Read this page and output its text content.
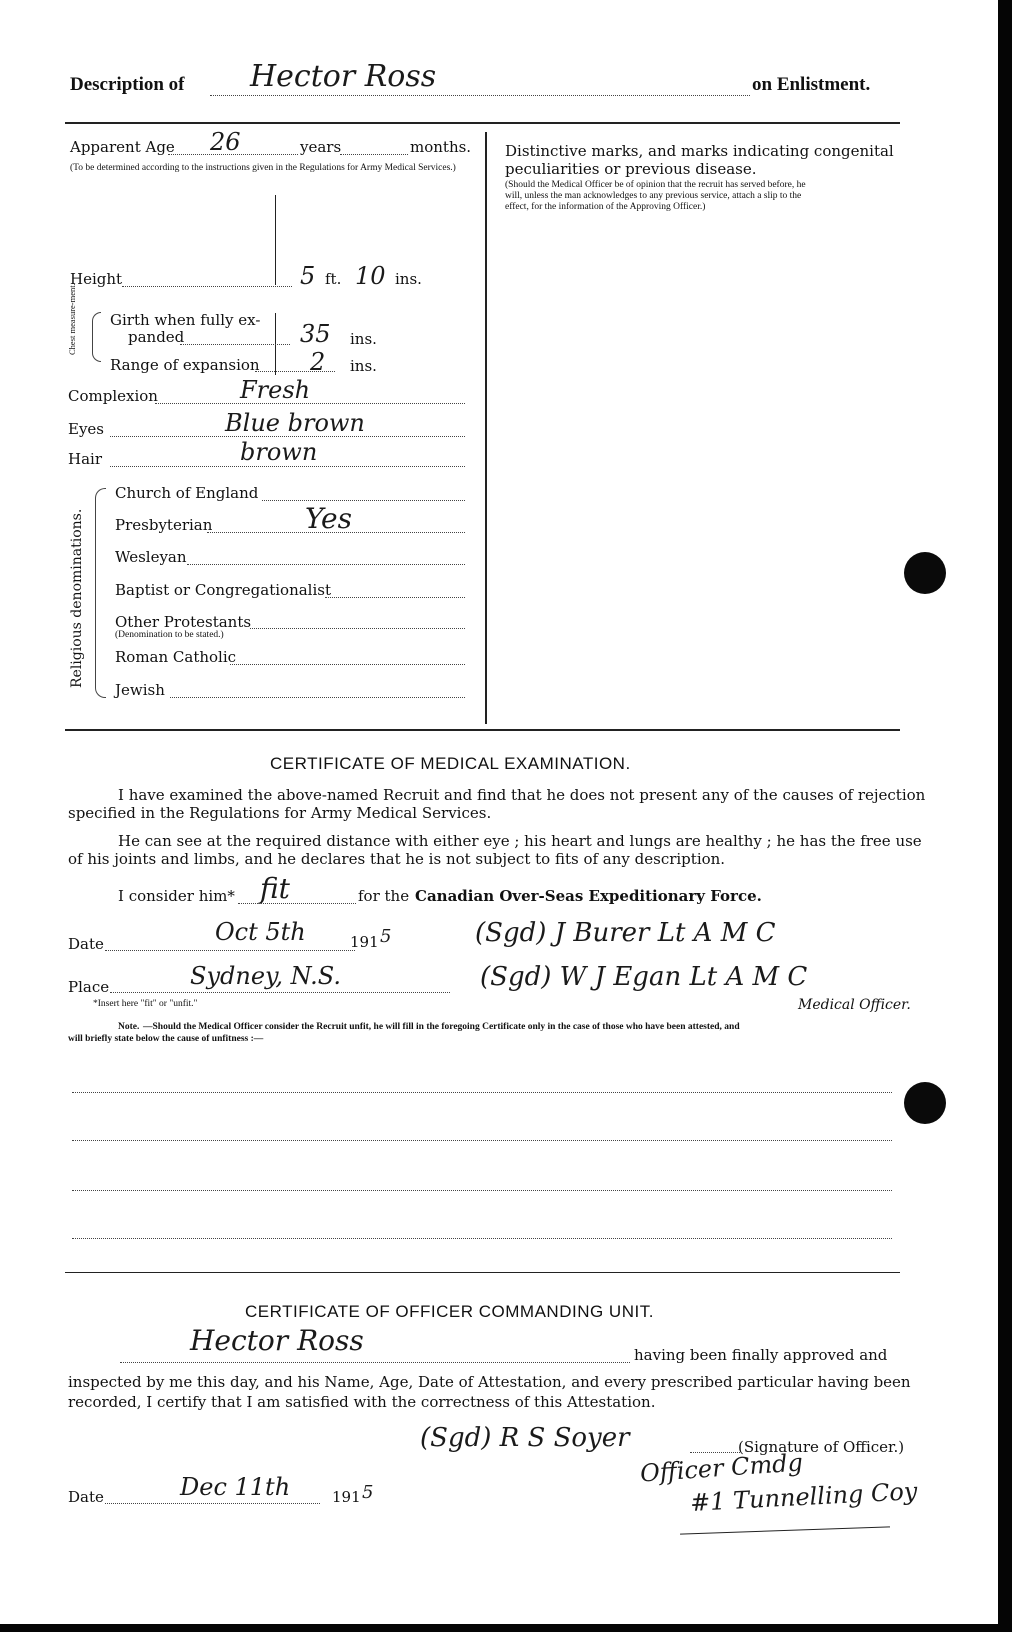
Description of Hector Ross	on Enlistment.
Apparent Age 26	years	months.
(To be determined according to the instructions given in the Regulations for Army Medical Services.)
Height	5 ft. 10 ins.
Chest measure-ment. Girth when fully ex-
panded	35 ins.
Range of expansion 2 ins.
Complexion	Fresh
Eyes	Blue brown
Hair	brown
Religious denominations.
Church of England
Presbyterian	Yes
Wesleyan
Baptist or Congregationalist
Other Protestants
(Denomination to be stated.)
Roman Catholic
Jewish
Distinctive marks, and marks indicating congenital
peculiarities or previous disease.
(Should the Medical Officer be of opinion that the recruit has served before, he
will, unless the man acknowledges to any previous service, attach a slip to the
effect, for the information of the Approving Officer.)
CERTIFICATE OF MEDICAL EXAMINATION.
I have examined the above-named Recruit and find that he does not present any of the causes of rejection
specified in the Regulations for Army Medical Services.
He can see at the required distance with either eye ; his heart and lungs are healthy ; he has the free use
of his joints and limbs, and he declares that he is not subject to fits of any description.
I consider him* fit	for the Canadian Over-Seas Expeditionary Force.
Date	Oct 5th	191 5	(Sgd) J Burer Lt A M C
Place	Sydney, N.S.	(Sgd) W J Egan Lt A M C
*Insert here "fit" or "unfit."	Medical Officer.
Note. —Should the Medical Officer consider the Recruit unfit, he will fill in the foregoing Certificate only in the case of those who have been attested, and
will briefly state below the cause of unfitness :—
CERTIFICATE OF OFFICER COMMANDING UNIT.
Hector Ross	having been finally approved and
inspected by me this day, and his Name, Age, Date of Attestation, and every prescribed particular having been
recorded, I certify that I am satisfied with the correctness of this Attestation.
(Sgd) R S Soyer	(Signature of Officer.)
Officer Cmdg
#1 Tunnelling Coy
Date	Dec 11th	191 5
